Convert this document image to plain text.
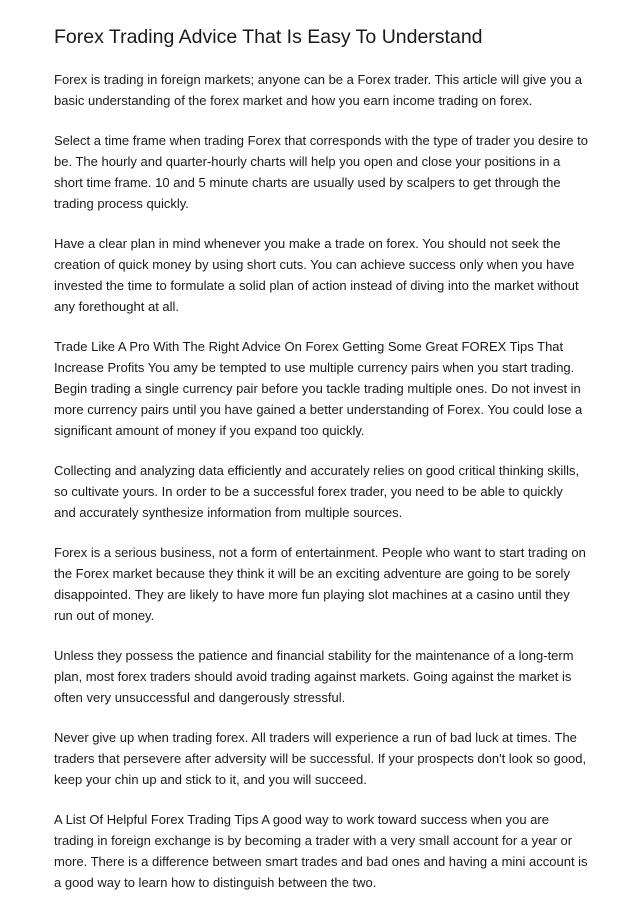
Forex Trading Advice That Is Easy To Understand

Forex is trading in foreign markets; anyone can be a Forex trader. This article will give you a basic understanding of the forex market and how you earn income trading on forex.

Select a time frame when trading Forex that corresponds with the type of trader you desire to be. The hourly and quarter-hourly charts will help you open and close your positions in a short time frame. 10 and 5 minute charts are usually used by scalpers to get through the trading process quickly.

Have a clear plan in mind whenever you make a trade on forex. You should not seek the creation of quick money by using short cuts. You can achieve success only when you have invested the time to formulate a solid plan of action instead of diving into the market without any forethought at all.

Trade Like A Pro With The Right Advice On Forex Getting Some Great FOREX Tips That Increase Profits You amy be tempted to use multiple currency pairs when you start trading. Begin trading a single currency pair before you tackle trading multiple ones. Do not invest in more currency pairs until you have gained a better understanding of Forex. You could lose a significant amount of money if you expand too quickly.

Collecting and analyzing data efficiently and accurately relies on good critical thinking skills, so cultivate yours. In order to be a successful forex trader, you need to be able to quickly and accurately synthesize information from multiple sources.

Forex is a serious business, not a form of entertainment. People who want to start trading on the Forex market because they think it will be an exciting adventure are going to be sorely disappointed. They are likely to have more fun playing slot machines at a casino until they run out of money.

Unless they possess the patience and financial stability for the maintenance of a long-term plan, most forex traders should avoid trading against markets. Going against the market is often very unsuccessful and dangerously stressful.

Never give up when trading forex. All traders will experience a run of bad luck at times. The traders that persevere after adversity will be successful. If your prospects don't look so good, keep your chin up and stick to it, and you will succeed.

A List Of Helpful Forex Trading Tips A good way to work toward success when you are trading in foreign exchange is by becoming a trader with a very small account for a year or more. There is a difference between smart trades and bad ones and having a mini account is a good way to learn how to distinguish between the two.
